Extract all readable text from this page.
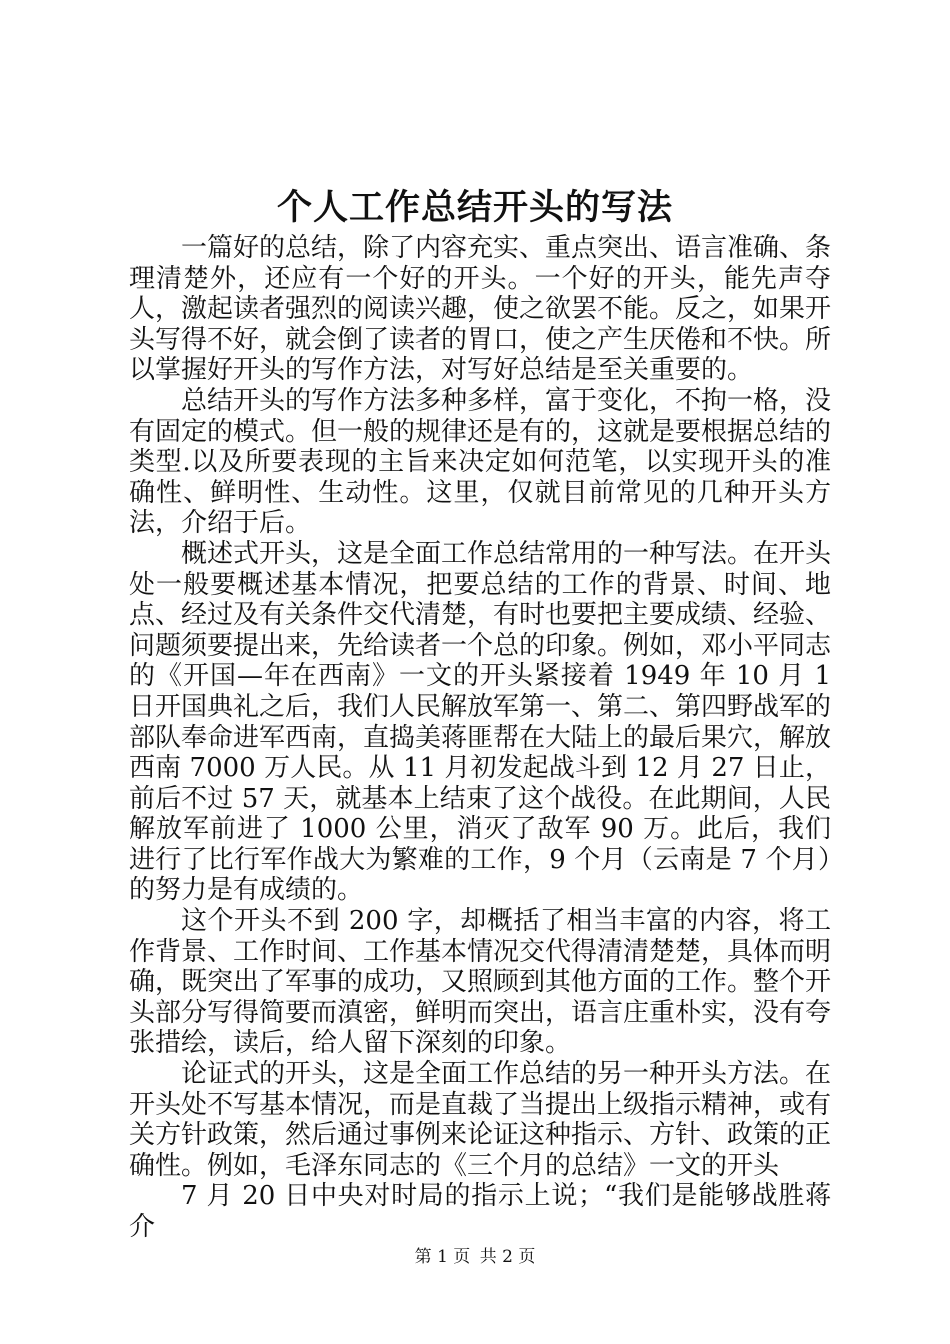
个人工作总结开头的写法

一篇好的总结，除了内容充实、重点突出、语言准确、条理清楚外，还应有一个好的开头。一个好的开头，能先声夺人，激起读者强烈的阅读兴趣，使之欲罢不能。反之，如果开头写得不好，就会倒了读者的胃口，使之产生厌倦和不快。所以掌握好开头的写作方法，对写好总结是至关重要的。

总结开头的写作方法多种多样，富于变化，不拘一格，没有固定的模式。但一般的规律还是有的，这就是要根据总结的类型.以及所要表现的主旨来决定如何范笔，以实现开头的准确性、鲜明性、生动性。这里，仅就目前常见的几种开头方法，介绍于后。

概述式开头，这是全面工作总结常用的一种写法。在开头处一般要概述基本情况，把要总结的工作的背景、时间、地点、经过及有关条件交代清楚，有时也要把主要成绩、经验、问题须要提出来，先给读者一个总的印象。例如，邓小平同志的《开国—年在西南》一文的开头紧接着 1949 年 10 月 1 日开国典礼之后，我们人民解放军第一、第二、第四野战军的部队奉命进军西南，直捣美蒋匪帮在大陆上的最后果穴，解放西南 7000 万人民。从 11 月初发起战斗到 12 月 27 日止，前后不过 57 天，就基本上结束了这个战役。在此期间，人民解放军前进了 1000 公里，消灭了敌军 90 万。此后，我们进行了比行军作战大为繁难的工作，9 个月（云南是 7 个月）的努力是有成绩的。

这个开头不到 200 字，却概括了相当丰富的内容，将工作背景、工作时间、工作基本情况交代得清清楚楚，具体而明确，既突出了军事的成功，又照顾到其他方面的工作。整个开头部分写得简要而滇密，鲜明而突出，语言庄重朴实，没有夸张措绘，读后，给人留下深刻的印象。

论证式的开头，这是全面工作总结的另一种开头方法。在开头处不写基本情况，而是直裁了当提出上级指示精神，或有关方针政策，然后通过事例来论证这种指示、方针、政策的正确性。例如，毛泽东同志的《三个月的总结》一文的开头

7 月 20 日中央对时局的指示上说；“我们是能够战胜蒋介

第 1 页 共 2 页
